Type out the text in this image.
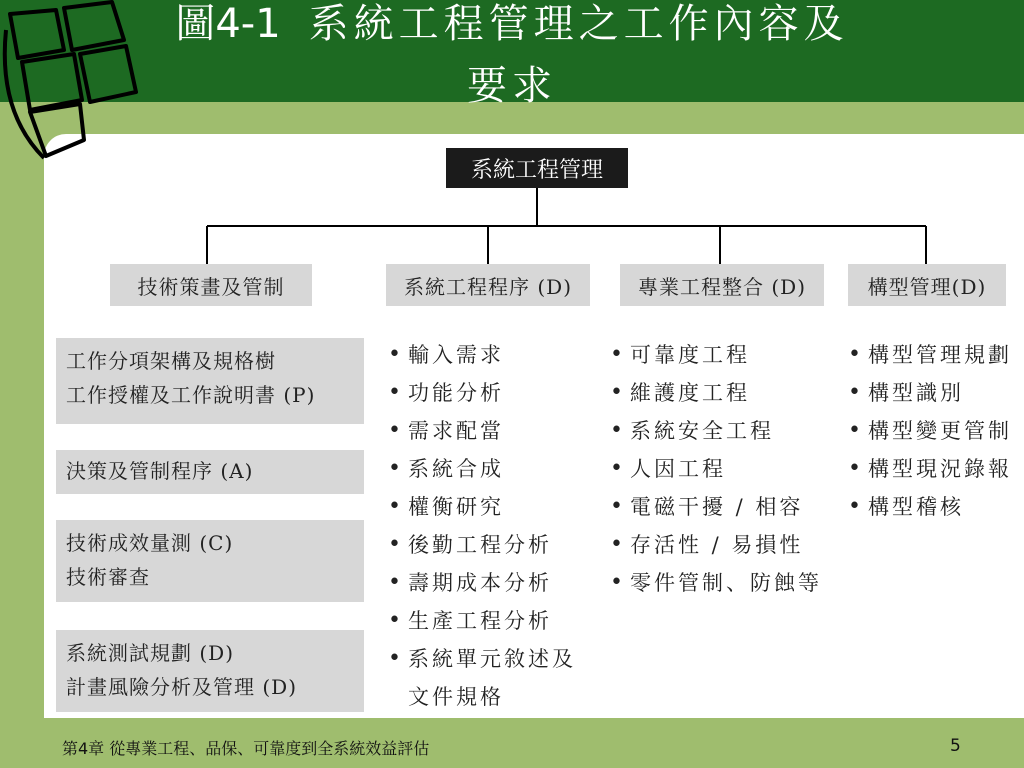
圖4-1 系統工程管理之工作內容及
要求
系統工程管理
技術策畫及管制	系統工程程序 (D)	專業工程整合 (D)	構型管理(D)
工作分項架構及規格樹
工作授權及工作說明書 (P)
決策及管制程序 (A)
技術成效量測 (C)
技術審查
系統測試規劃 (D)
計畫風險分析及管理 (D)
• 輸入需求
• 功能分析
• 需求配當
• 系統合成
• 權衡研究
• 後勤工程分析
• 壽期成本分析
• 生產工程分析
• 系統單元敘述及文件規格
• 可靠度工程
• 維護度工程
• 系統安全工程
• 人因工程
• 電磁干擾 / 相容
• 存活性 / 易損性
• 零件管制、防蝕等
• 構型管理規劃
• 構型識別
• 構型變更管制
• 構型現況錄報
• 構型稽核
第4章 從專業工程、品保、可靠度到全系統效益評估	5
